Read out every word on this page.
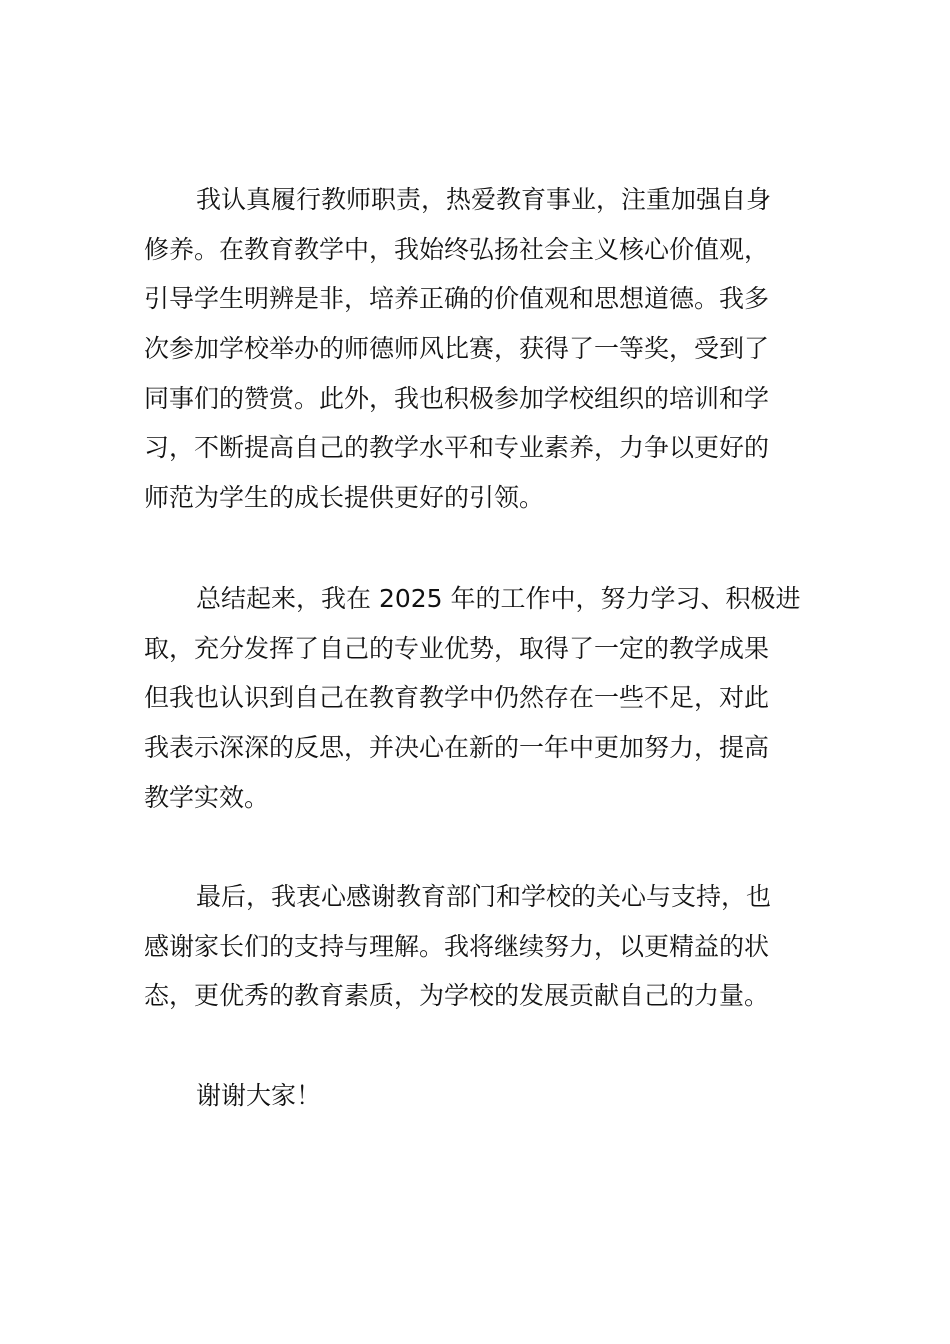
我认真履行教师职责，热爱教育事业，注重加强自身
修养。在教育教学中，我始终弘扬社会主义核心价值观，
引导学生明辨是非，培养正确的价值观和思想道德。我多
次参加学校举办的师德师风比赛，获得了一等奖，受到了
同事们的赞赏。此外，我也积极参加学校组织的培训和学
习，不断提高自己的教学水平和专业素养，力争以更好的
师范为学生的成长提供更好的引领。
总结起来，我在 2025 年的工作中，努力学习、积极进
取，充分发挥了自己的专业优势，取得了一定的教学成果
但我也认识到自己在教育教学中仍然存在一些不足，对此
我表示深深的反思，并决心在新的一年中更加努力，提高
教学实效。
最后，我衷心感谢教育部门和学校的关心与支持，也
感谢家长们的支持与理解。我将继续努力，以更精益的状
态，更优秀的教育素质，为学校的发展贡献自己的力量。
谢谢大家！
